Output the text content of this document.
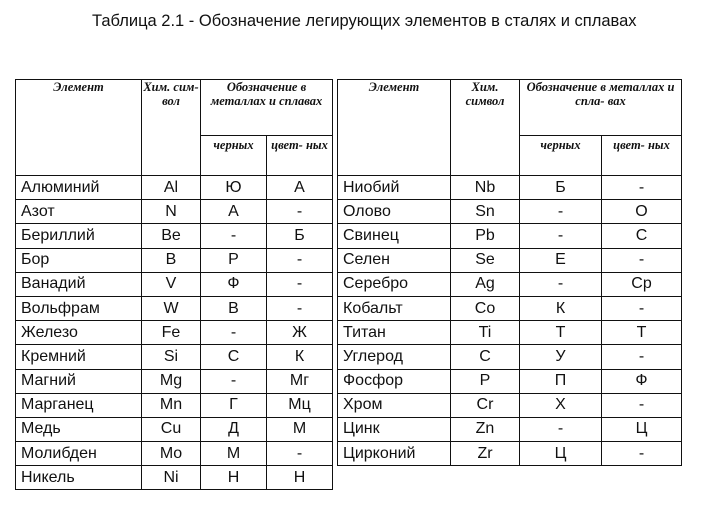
Таблица 2.1 - Обозначение легирующих элементов в сталях и сплавах
Элемент	Хим. сим- вол	Обозначение в металлах и сплавах			Элемент	Хим. символ	Обозначение в металлах и спла- вах	
		черных	цвет- ных				черных	цвет- ных
Алюминий	Al	Ю	А		Ниобий	Nb	Б	-
Азот	N	А	-		Олово	Sn	-	О
Бериллий	Be	-	Б		Свинец	Pb	-	С
Бор	B	Р	-		Селен	Se	Е	-
Ванадий	V	Ф	-		Серебро	Ag	-	Ср
Вольфрам	W	В	-		Кобальт	Co	К	-
Железо	Fe	-	Ж		Титан	Ti	Т	Т
Кремний	Si	С	К		Углерод	C	У	-
Магний	Mg	-	Мг		Фосфор	P	П	Ф
Марганец	Mn	Г	Мц		Хром	Cr	Х	-
Медь	Cu	Д	М		Цинк	Zn	-	Ц
Молибден	Mo	М	-		Цирконий	Zr	Ц	-
Никель	Ni	Н	Н					
